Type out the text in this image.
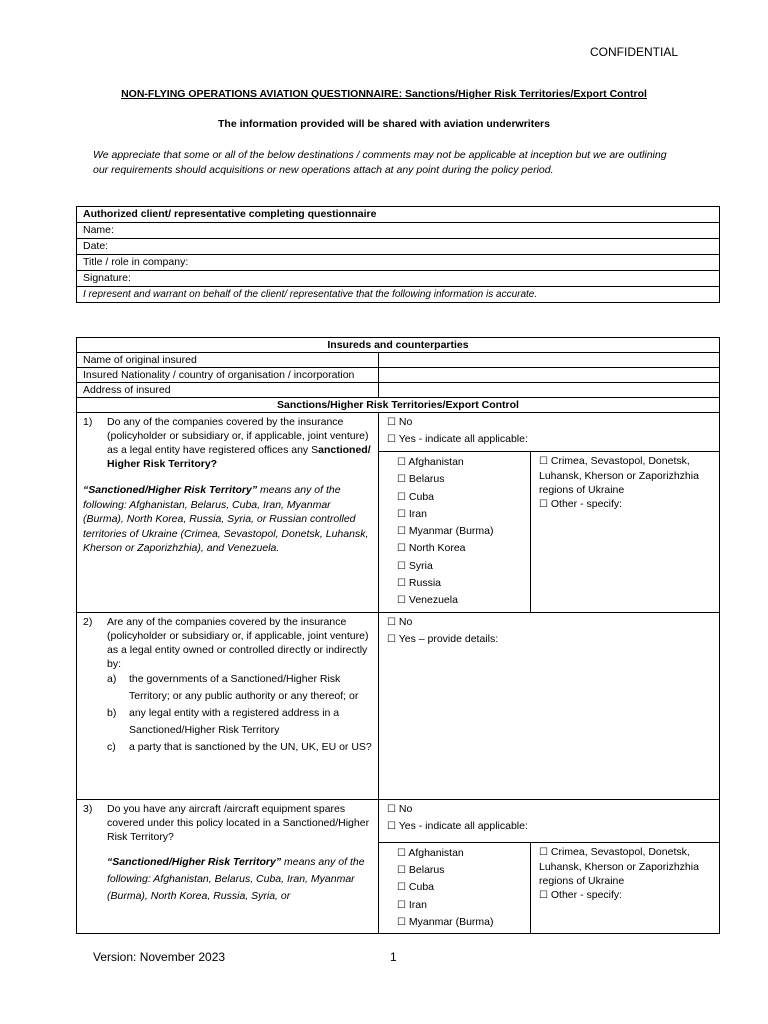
CONFIDENTIAL
NON-FLYING OPERATIONS AVIATION QUESTIONNAIRE: Sanctions/Higher Risk Territories/Export Control
The information provided will be shared with aviation underwriters
We appreciate that some or all of the below destinations / comments may not be applicable at inception but we are outlining our requirements should acquisitions or new operations attach at any point during the policy period.
Authorized client/ representative completing questionnaire
Name:
Date:
Title / role in company:
Signature:
I represent and warrant on behalf of the client/ representative that the following information is accurate.
Insureds and counterparties
Name of original insured	
Insured Nationality / country of organisation / incorporation	
Address of insured	
Sanctions/Higher Risk Territories/Export Control

1) Do any of the companies covered by the insurance (policyholder or subsidiary or, if applicable, joint venture) as a legal entity have registered offices any Sanctioned/ Higher Risk Territory?
“Sanctioned/Higher Risk Territory” means any of the following: Afghanistan, Belarus, Cuba, Iran, Myanmar (Burma), North Korea, Russia, Syria, or Russian controlled territories of Ukraine (Crimea, Sevastopol, Donetsk, Luhansk, Kherson or Zaporizhzhia), and Venezuela.

☐ No
☐ Yes - indicate all applicable:
☐ Afghanistan
☐ Belarus
☐ Cuba
☐ Iran
☐ Myanmar (Burma)
☐ North Korea
☐ Syria
☐ Russia
☐ Venezuela

☐ Crimea, Sevastopol, Donetsk, Luhansk, Kherson or Zaporizhzhia regions of Ukraine
☐ Other - specify:

2) Are any of the companies covered by the insurance (policyholder or subsidiary or, if applicable, joint venture) as a legal entity owned or controlled directly or indirectly by:
a) the governments of a Sanctioned/Higher Risk Territory; or any public authority or any thereof; or
b) any legal entity with a registered address in a Sanctioned/Higher Risk Territory
c) a party that is sanctioned by the UN, UK, EU or US?

☐ No
☐ Yes – provide details:

3) Do you have any aircraft /aircraft equipment spares covered under this policy located in a Sanctioned/Higher Risk Territory?
“Sanctioned/Higher Risk Territory” means any of the following: Afghanistan, Belarus, Cuba, Iran, Myanmar (Burma), North Korea, Russia, Syria, or

☐ No
☐ Yes - indicate all applicable:
☐ Afghanistan
☐ Belarus
☐ Cuba
☐ Iran
☐ Myanmar (Burma)

☐ Crimea, Sevastopol, Donetsk, Luhansk, Kherson or Zaporizhzhia regions of Ukraine
☐ Other - specify:
Version: November 2023	1
